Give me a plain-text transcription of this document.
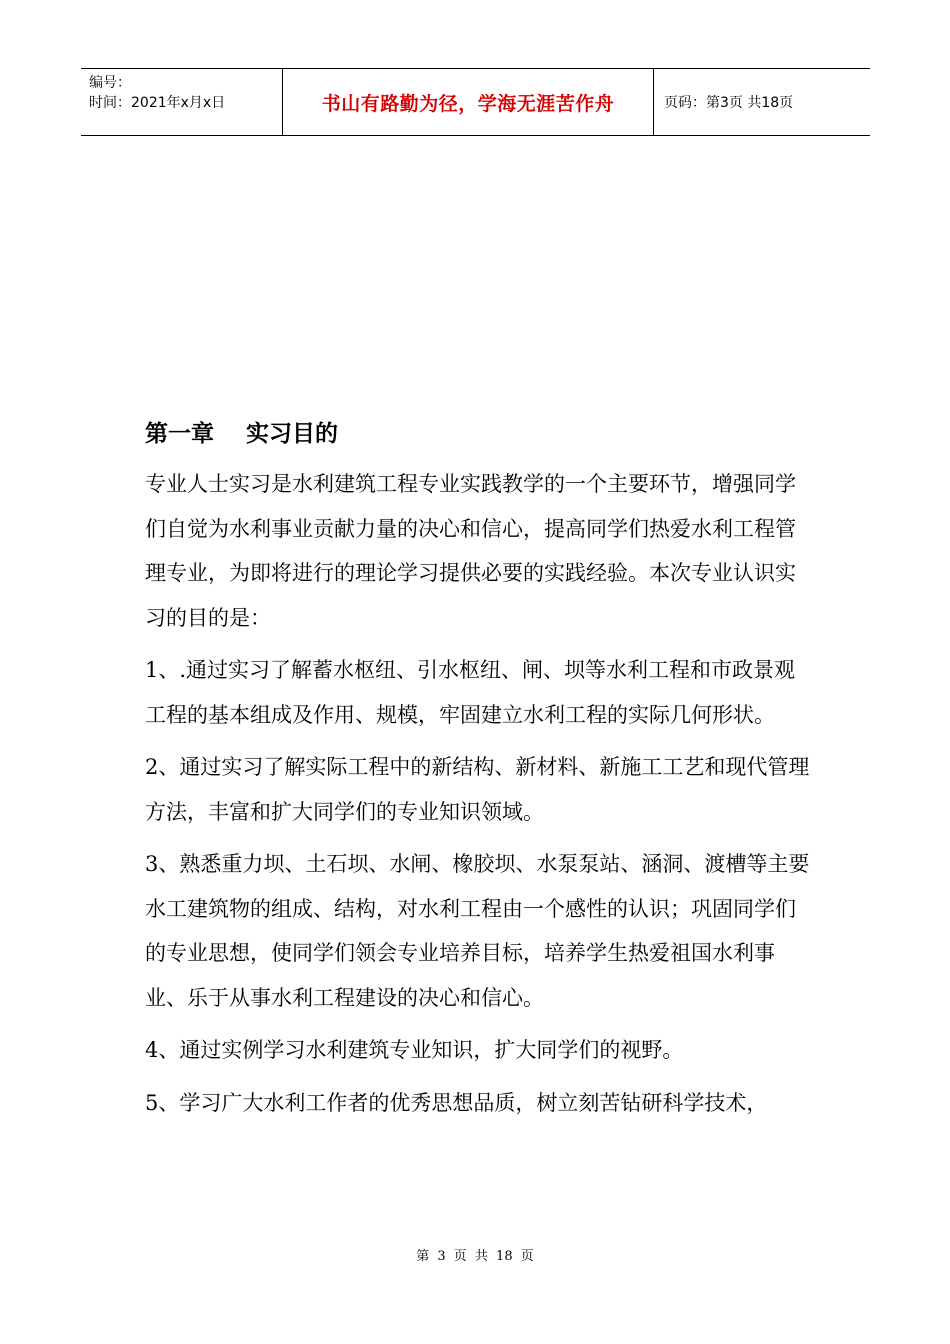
编号：
时间：2021年x月x日	书山有路勤为径，学海无涯苦作舟	页码：第3页 共18页
第一章    实习目的

专业人士实习是水利建筑工程专业实践教学的一个主要环节，增强同学们自觉为水利事业贡献力量的决心和信心，提高同学们热爱水利工程管理专业，为即将进行的理论学习提供必要的实践经验。本次专业认识实习的目的是：

1、.通过实习了解蓄水枢纽、引水枢纽、闸、坝等水利工程和市政景观工程的基本组成及作用、规模，牢固建立水利工程的实际几何形状。

2、通过实习了解实际工程中的新结构、新材料、新施工工艺和现代管理方法，丰富和扩大同学们的专业知识领域。

3、熟悉重力坝、土石坝、水闸、橡胶坝、水泵泵站、涵洞、渡槽等主要水工建筑物的组成、结构，对水利工程由一个感性的认识；巩固同学们的专业思想，使同学们领会专业培养目标，培养学生热爱祖国水利事业、乐于从事水利工程建设的决心和信心。

4、通过实例学习水利建筑专业知识，扩大同学们的视野。

5、学习广大水利工作者的优秀思想品质，树立刻苦钻研科学技术，

第 3 页 共 18 页
